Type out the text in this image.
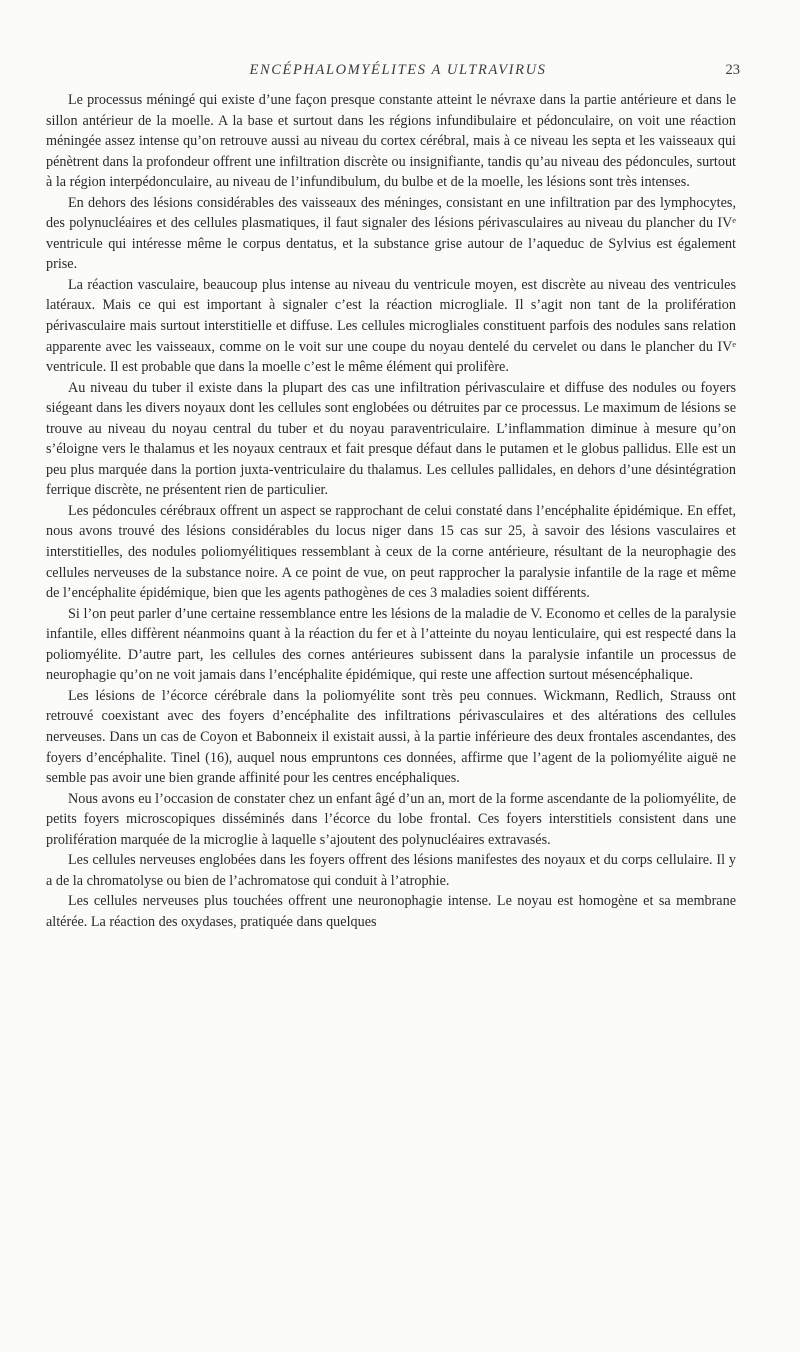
ENCÉPHALOMYÉLITES A ULTRAVIRUS	23

Le processus méningé qui existe d’une façon presque constante atteint le névraxe dans la partie antérieure et dans le sillon antérieur de la moelle. A la base et surtout dans les régions infundibulaire et pédonculaire, on voit une réaction méningée assez intense qu’on retrouve aussi au niveau du cortex cérébral, mais à ce niveau les septa et les vaisseaux qui pénètrent dans la profondeur offrent une infiltration discrète ou insignifiante, tandis qu’au niveau des pédoncules, surtout à la région interpédonculaire, au niveau de l’infundibulum, du bulbe et de la moelle, les lésions sont très intenses.

En dehors des lésions considérables des vaisseaux des méninges, consistant en une infiltration par des lymphocytes, des polynucléaires et des cellules plasmatiques, il faut signaler des lésions périvasculaires au niveau du plancher du IVᵉ ventricule qui intéresse même le corpus dentatus, et la substance grise autour de l’aqueduc de Sylvius est également prise.

La réaction vasculaire, beaucoup plus intense au niveau du ventricule moyen, est discrète au niveau des ventricules latéraux. Mais ce qui est important à signaler c’est la réaction microgliale. Il s’agit non tant de la prolifération périvasculaire mais surtout interstitielle et diffuse. Les cellules microgliales constituent parfois des nodules sans relation apparente avec les vaisseaux, comme on le voit sur une coupe du noyau dentelé du cervelet ou dans le plancher du IVᵉ ventricule. Il est probable que dans la moelle c’est le même élément qui prolifère.

Au niveau du tuber il existe dans la plupart des cas une infiltration périvasculaire et diffuse des nodules ou foyers siégeant dans les divers noyaux dont les cellules sont englobées ou détruites par ce processus. Le maximum de lésions se trouve au niveau du noyau central du tuber et du noyau paraventriculaire. L’inflammation diminue à mesure qu’on s’éloigne vers le thalamus et les noyaux centraux et fait presque défaut dans le putamen et le globus pallidus. Elle est un peu plus marquée dans la portion juxta-ventriculaire du thalamus. Les cellules pallidales, en dehors d’une désintégration ferrique discrète, ne présentent rien de particulier.

Les pédoncules cérébraux offrent un aspect se rapprochant de celui constaté dans l’encéphalite épidémique. En effet, nous avons trouvé des lésions considérables du locus niger dans 15 cas sur 25, à savoir des lésions vasculaires et interstitielles, des nodules poliomyélitiques ressemblant à ceux de la corne antérieure, résultant de la neurophagie des cellules nerveuses de la substance noire. A ce point de vue, on peut rapprocher la paralysie infantile de la rage et même de l’encéphalite épidémique, bien que les agents pathogènes de ces 3 maladies soient différents.

Si l’on peut parler d’une certaine ressemblance entre les lésions de la maladie de V. Economo et celles de la paralysie infantile, elles diffèrent néanmoins quant à la réaction du fer et à l’atteinte du noyau lenticulaire, qui est respecté dans la poliomyélite. D’autre part, les cellules des cornes antérieures subissent dans la paralysie infantile un processus de neurophagie qu’on ne voit jamais dans l’encéphalite épidémique, qui reste une affection surtout mésencéphalique.

Les lésions de l’écorce cérébrale dans la poliomyélite sont très peu connues. Wickmann, Redlich, Strauss ont retrouvé coexistant avec des foyers d’encéphalite des infiltrations périvasculaires et des altérations des cellules nerveuses. Dans un cas de Coyon et Babonneix il existait aussi, à la partie inférieure des deux frontales ascendantes, des foyers d’encéphalite. Tinel (16), auquel nous empruntons ces données, affirme que l’agent de la poliomyélite aiguë ne semble pas avoir une bien grande affinité pour les centres encéphaliques.

Nous avons eu l’occasion de constater chez un enfant âgé d’un an, mort de la forme ascendante de la poliomyélite, de petits foyers microscopiques disséminés dans l’écorce du lobe frontal. Ces foyers interstitiels consistent dans une prolifération marquée de la microglie à laquelle s’ajoutent des polynucléaires extravasés.

Les cellules nerveuses englobées dans les foyers offrent des lésions manifestes des noyaux et du corps cellulaire. Il y a de la chromatolyse ou bien de l’achromatose qui conduit à l’atrophie.

Les cellules nerveuses plus touchées offrent une neuronophagie intense. Le noyau est homogène et sa membrane altérée. La réaction des oxydases, pratiquée dans quelques
